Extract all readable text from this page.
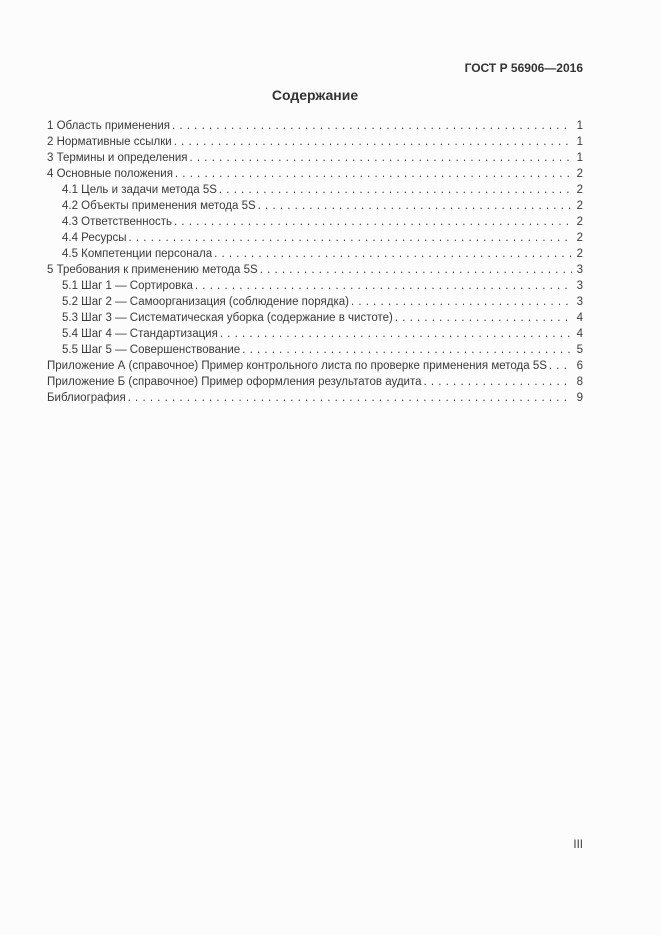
ГОСТ Р 56906—2016
Содержание
1 Область применения . . .	1
2 Нормативные ссылки . . .	1
3 Термины и определения . . .	1
4 Основные положения . . .	2
4.1 Цель и задачи метода 5S . . .	2
4.2 Объекты применения метода 5S . . .	2
4.3 Ответственность . . .	2
4.4 Ресурсы . . .	2
4.5 Компетенции персонала . . .	2
5 Требования к применению метода 5S . . .	3
5.1 Шаг 1 — Сортировка . . .	3
5.2 Шаг 2 — Самоорганизация (соблюдение порядка) . . .	3
5.3 Шаг 3 — Систематическая уборка (содержание в чистоте) . . .	4
5.4 Шаг 4 — Стандартизация . . .	4
5.5 Шаг 5 — Совершенствование . . .	5
Приложение А (справочное) Пример контрольного листа по проверке применения метода 5S . . .	6
Приложение Б (справочное) Пример оформления результатов аудита . . .	8
Библиография . . .	9
III
